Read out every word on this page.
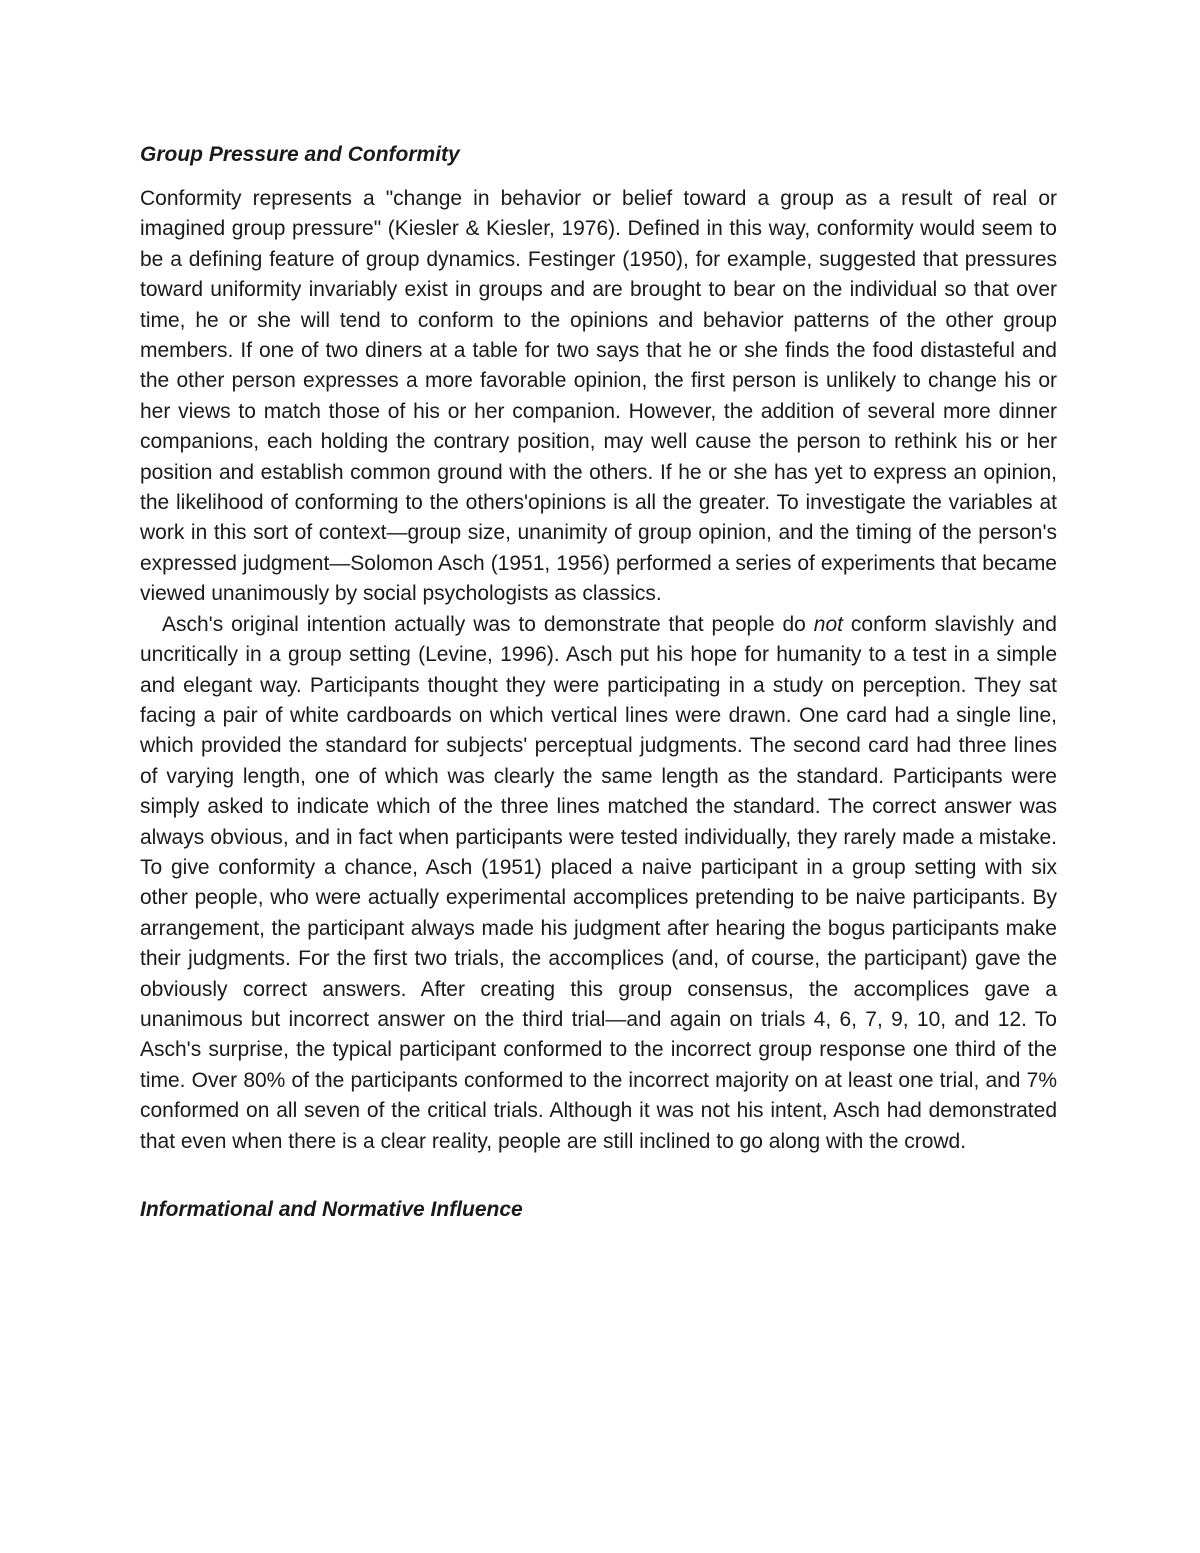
Group Pressure and Conformity

Conformity represents a "change in behavior or belief toward a group as a result of real or imagined group pressure" (Kiesler & Kiesler, 1976). Defined in this way, conformity would seem to be a defining feature of group dynamics. Festinger (1950), for example, suggested that pressures toward uniformity invariably exist in groups and are brought to bear on the individual so that over time, he or she will tend to conform to the opinions and behavior patterns of the other group members. If one of two diners at a table for two says that he or she finds the food distasteful and the other person expresses a more favorable opinion, the first person is unlikely to change his or her views to match those of his or her companion. However, the addition of several more dinner companions, each holding the contrary position, may well cause the person to rethink his or her position and establish common ground with the others. If he or she has yet to express an opinion, the likelihood of conforming to the others'opinions is all the greater. To investigate the variables at work in this sort of context—group size, unanimity of group opinion, and the timing of the person's expressed judgment—Solomon Asch (1951, 1956) performed a series of experiments that became viewed unanimously by social psychologists as classics.

Asch's original intention actually was to demonstrate that people do not conform slavishly and uncritically in a group setting (Levine, 1996). Asch put his hope for humanity to a test in a simple and elegant way. Participants thought they were participating in a study on perception. They sat facing a pair of white cardboards on which vertical lines were drawn. One card had a single line, which provided the standard for subjects' perceptual judgments. The second card had three lines of varying length, one of which was clearly the same length as the standard. Participants were simply asked to indicate which of the three lines matched the standard. The correct answer was always obvious, and in fact when participants were tested individually, they rarely made a mistake. To give conformity a chance, Asch (1951) placed a naive participant in a group setting with six other people, who were actually experimental accomplices pretending to be naive participants. By arrangement, the participant always made his judgment after hearing the bogus participants make their judgments. For the first two trials, the accomplices (and, of course, the participant) gave the obviously correct answers. After creating this group consensus, the accomplices gave a unanimous but incorrect answer on the third trial—and again on trials 4, 6, 7, 9, 10, and 12. To Asch's surprise, the typical participant conformed to the incorrect group response one third of the time. Over 80% of the participants conformed to the incorrect majority on at least one trial, and 7% conformed on all seven of the critical trials. Although it was not his intent, Asch had demonstrated that even when there is a clear reality, people are still inclined to go along with the crowd.

Informational and Normative Influence
